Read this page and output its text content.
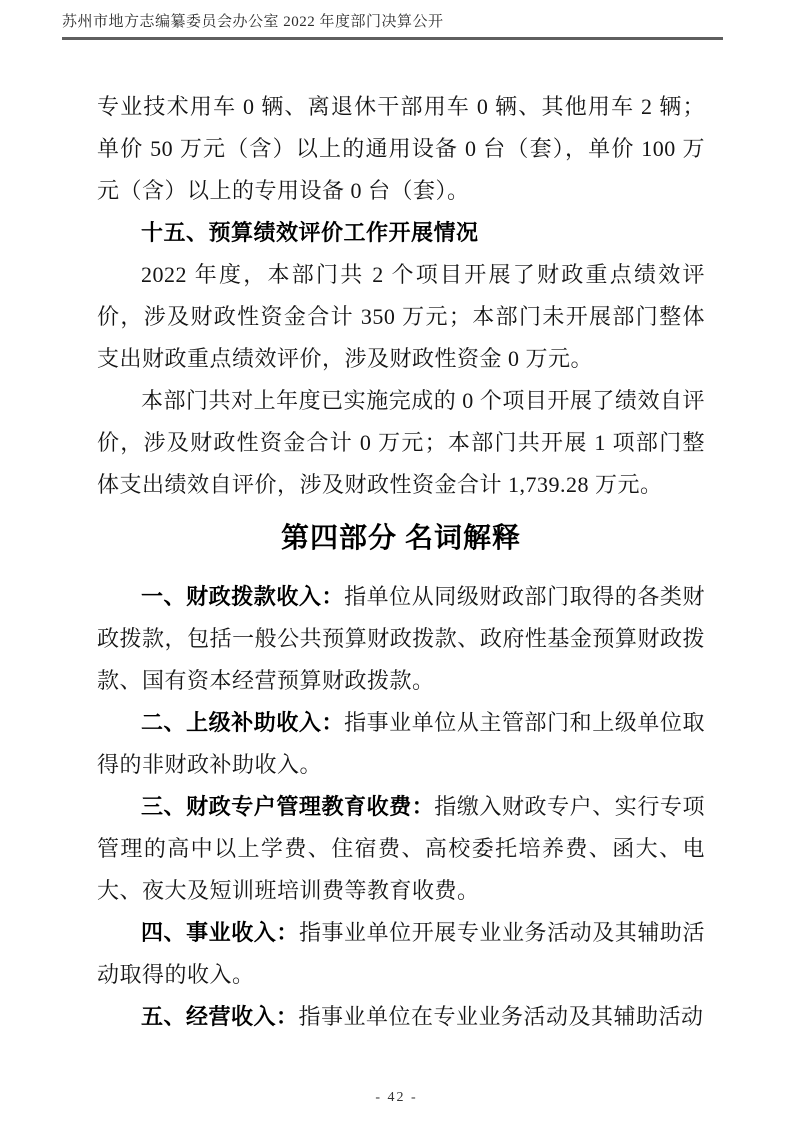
苏州市地方志编纂委员会办公室 2022 年度部门决算公开

专业技术用车 0 辆、离退休干部用车 0 辆、其他用车 2 辆；单价 50 万元（含）以上的通用设备 0 台（套），单价 100 万元（含）以上的专用设备 0 台（套）。

十五、预算绩效评价工作开展情况

2022 年度，本部门共 2 个项目开展了财政重点绩效评价，涉及财政性资金合计 350 万元；本部门未开展部门整体支出财政重点绩效评价，涉及财政性资金 0 万元。

本部门共对上年度已实施完成的 0 个项目开展了绩效自评价，涉及财政性资金合计 0 万元；本部门共开展 1 项部门整体支出绩效自评价，涉及财政性资金合计 1,739.28 万元。

第四部分 名词解释

一、财政拨款收入：指单位从同级财政部门取得的各类财政拨款，包括一般公共预算财政拨款、政府性基金预算财政拨款、国有资本经营预算财政拨款。

二、上级补助收入：指事业单位从主管部门和上级单位取得的非财政补助收入。

三、财政专户管理教育收费：指缴入财政专户、实行专项管理的高中以上学费、住宿费、高校委托培养费、函大、电大、夜大及短训班培训费等教育收费。

四、事业收入：指事业单位开展专业业务活动及其辅助活动取得的收入。

五、经营收入：指事业单位在专业业务活动及其辅助活动

- 42 -
